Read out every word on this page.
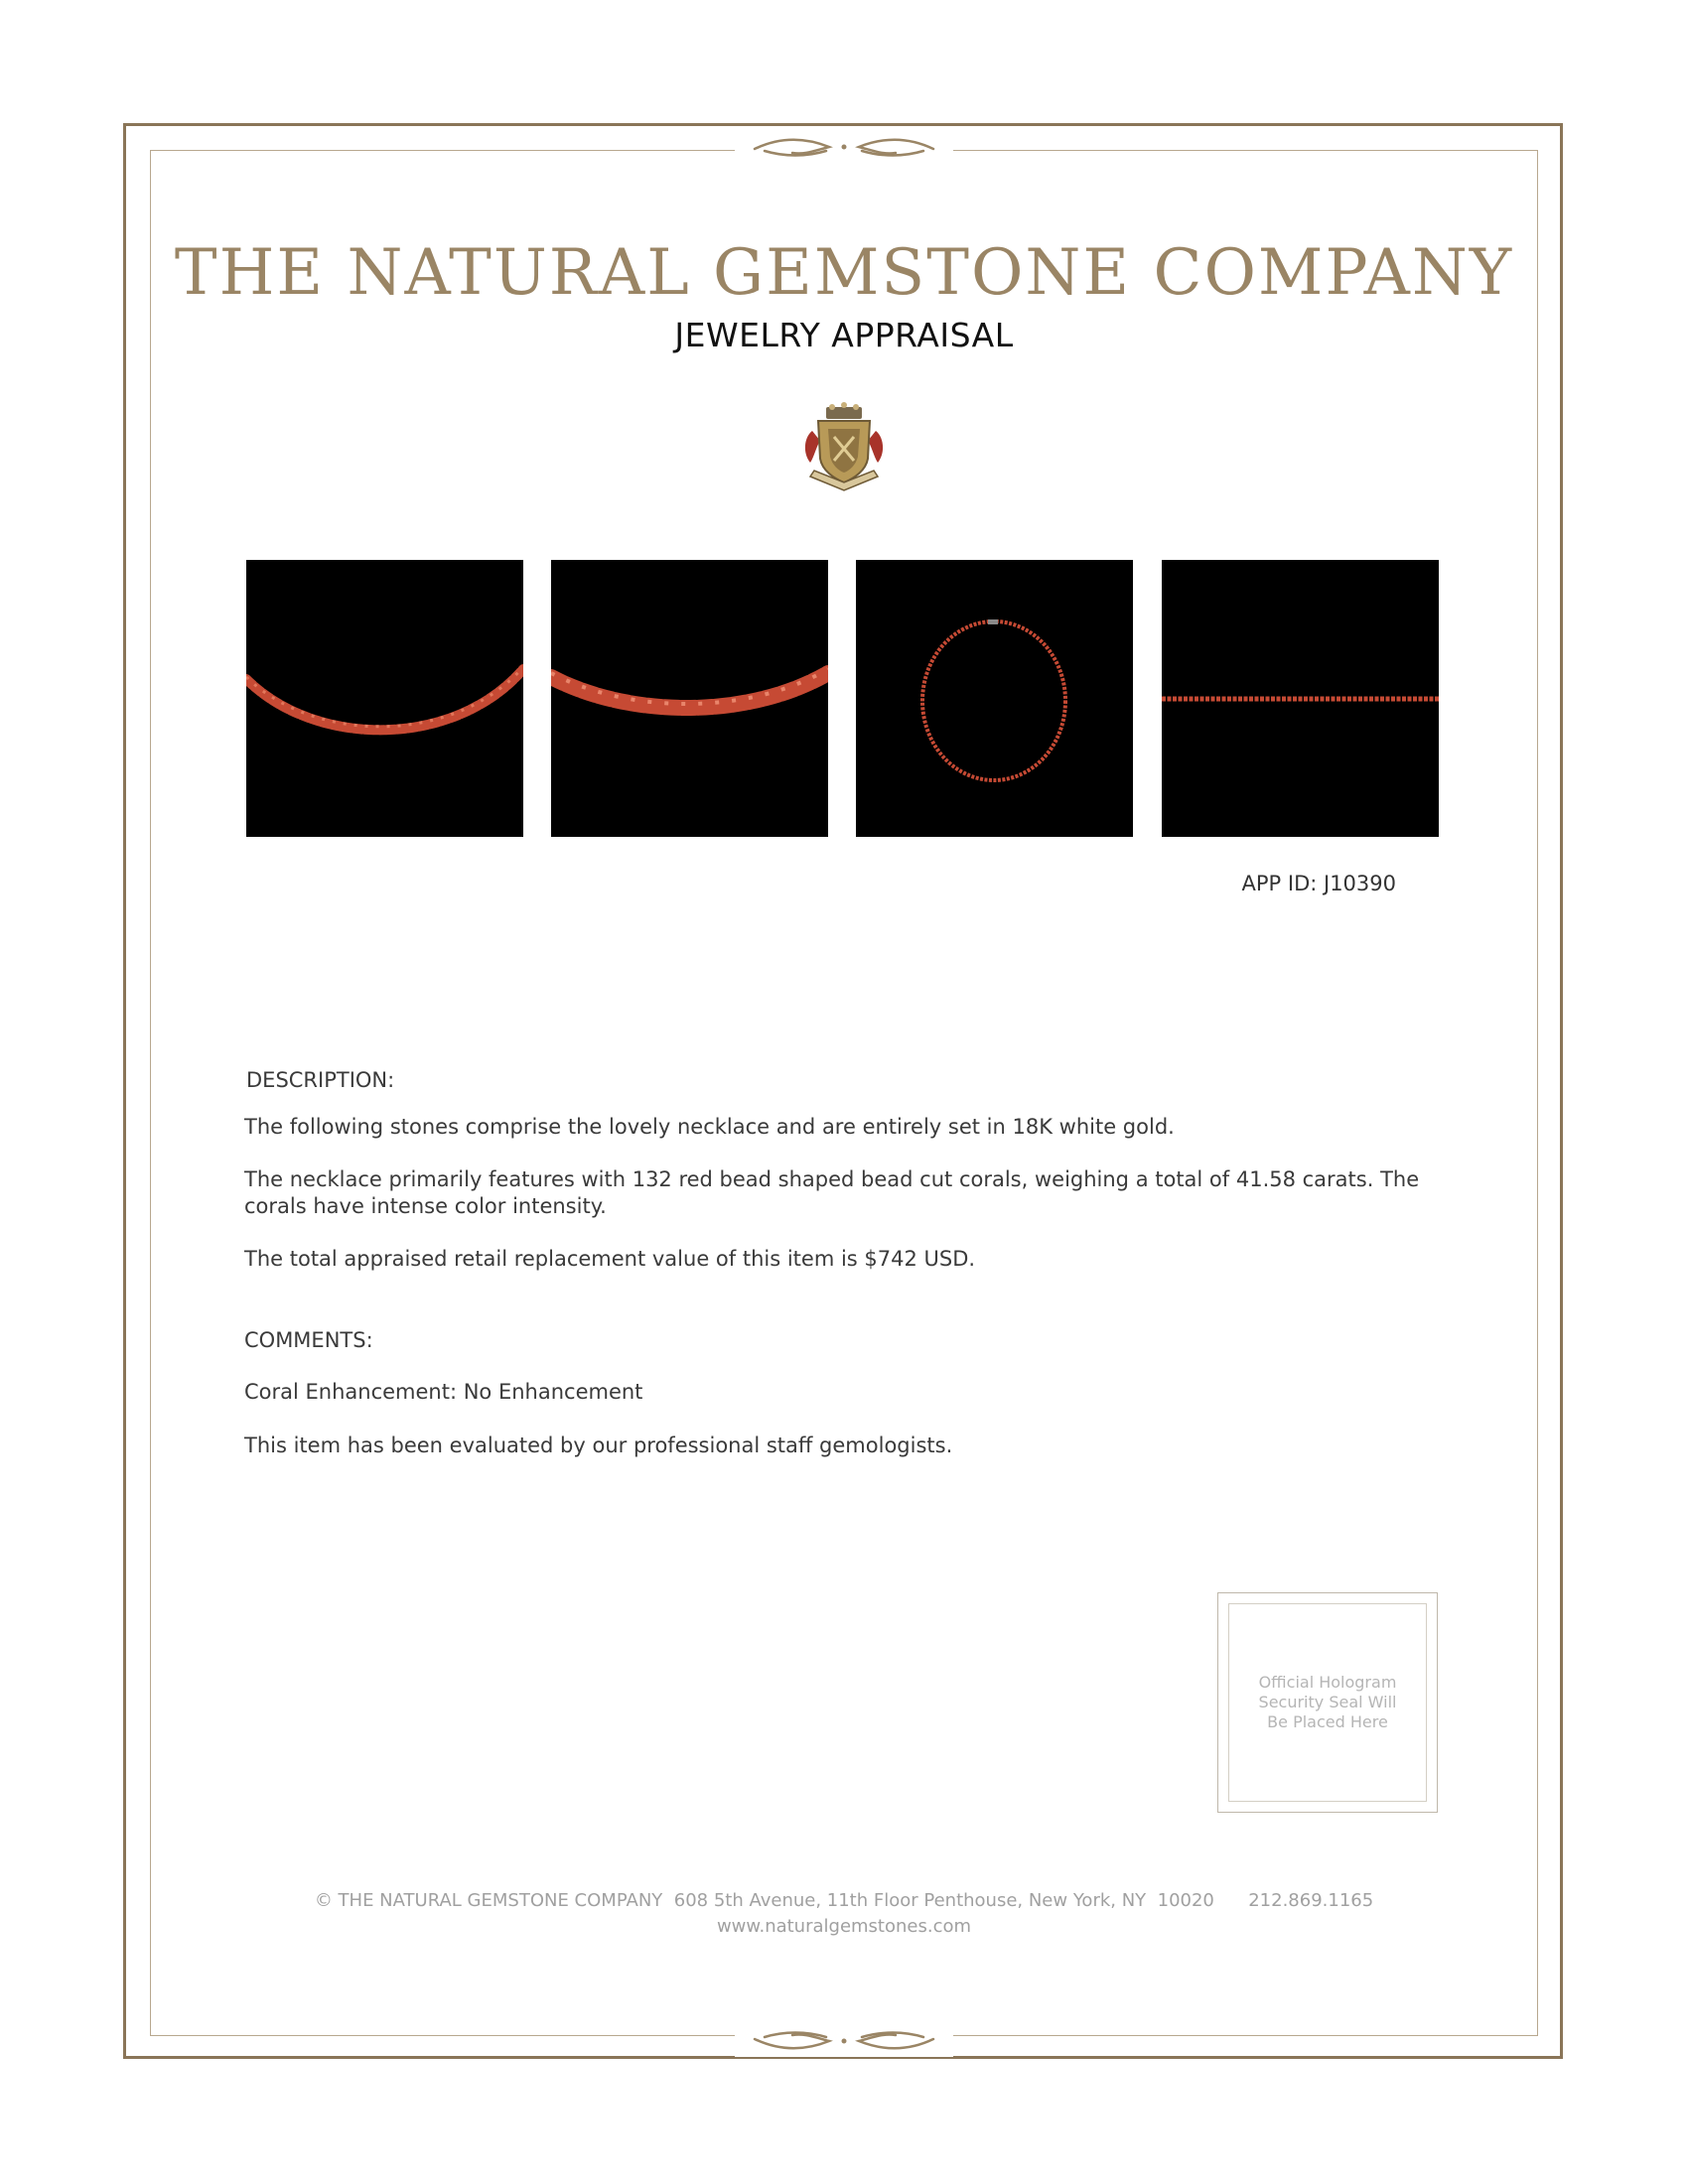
THE NATURAL GEMSTONE COMPANY
JEWELRY APPRAISAL
APP ID: J10390
DESCRIPTION:
The following stones comprise the lovely necklace and are entirely set in 18K white gold.
The necklace primarily features with 132 red bead shaped bead cut corals, weighing a total of 41.58 carats. The corals have intense color intensity.
The total appraised retail replacement value of this item is $742 USD.
COMMENTS:
Coral Enhancement: No Enhancement
This item has been evaluated by our professional staff gemologists.
Official Hologram Security Seal Will Be Placed Here
© THE NATURAL GEMSTONE COMPANY  608 5th Avenue, 11th Floor Penthouse, New York, NY  10020      212.869.1165
www.naturalgemstones.com
